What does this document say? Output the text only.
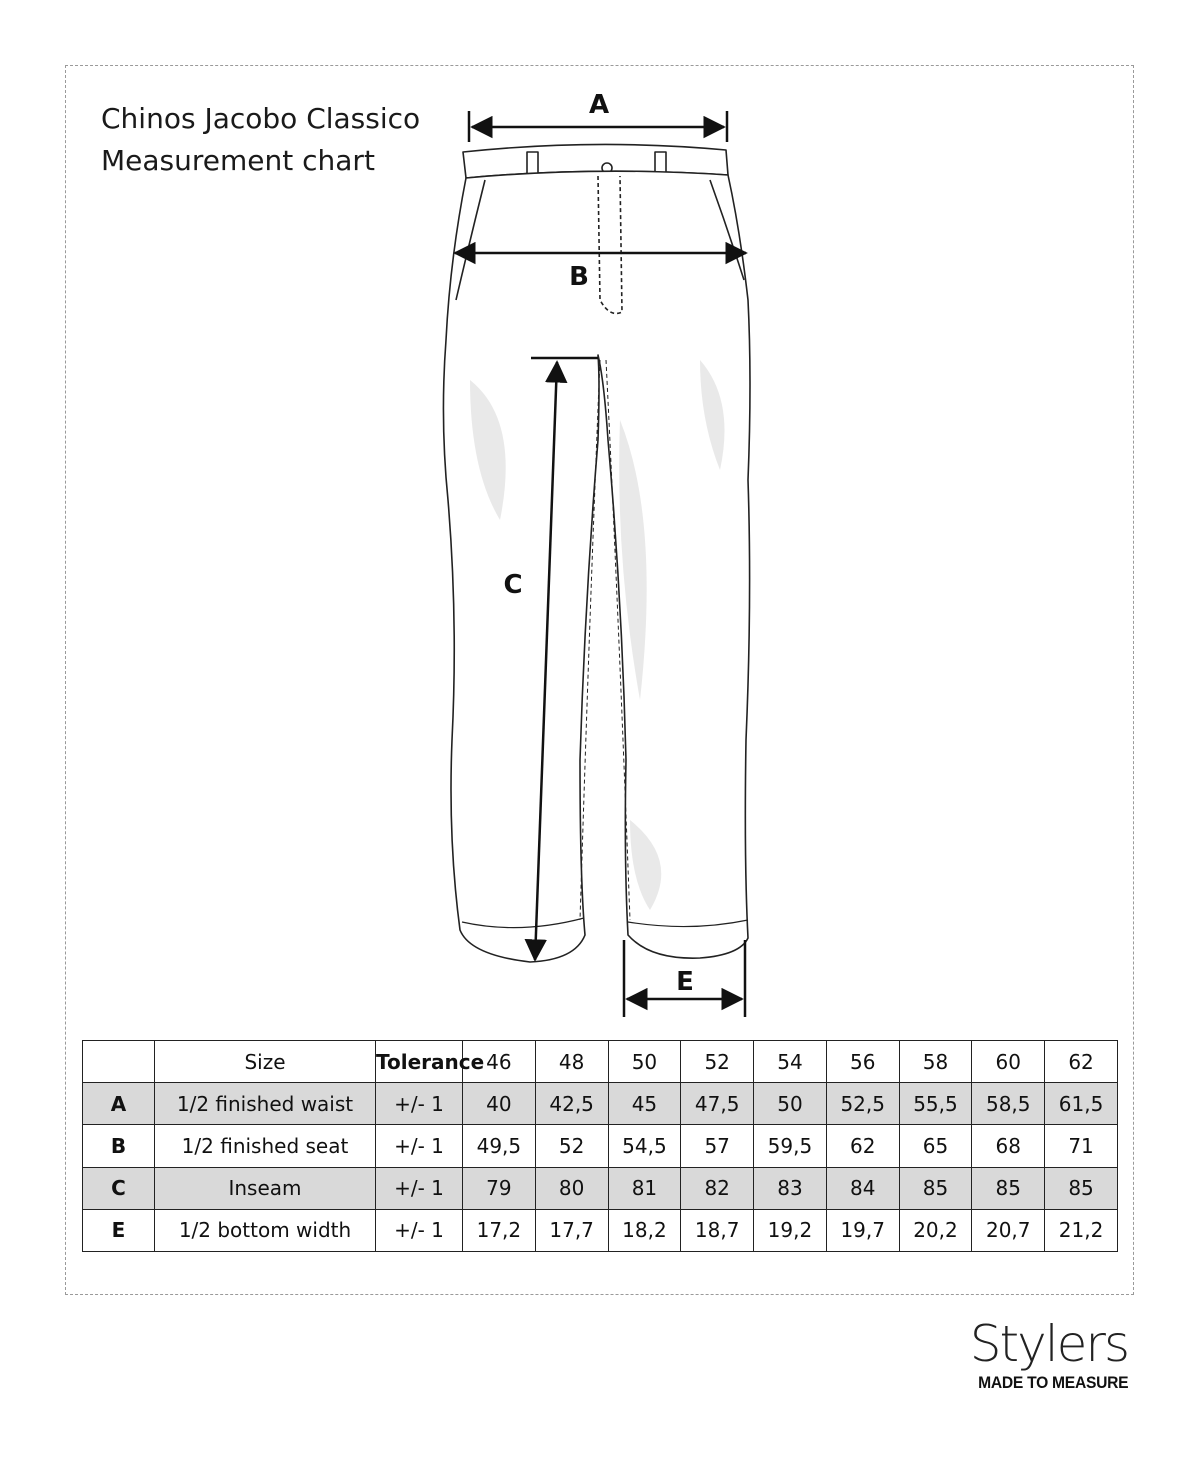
Chinos Jacobo Classico
Measurement chart
A
B
C
E
	Size	Tolerance	46	48	50	52	54	56	58	60	62
A	1/2 finished waist	+/- 1	40	42,5	45	47,5	50	52,5	55,5	58,5	61,5
B	1/2 finished seat	+/- 1	49,5	52	54,5	57	59,5	62	65	68	71
C	Inseam	+/- 1	79	80	81	82	83	84	85	85	85
E	1/2 bottom width	+/- 1	17,2	17,7	18,2	18,7	19,2	19,7	20,2	20,7	21,2
Stylers
MADE TO MEASURE
